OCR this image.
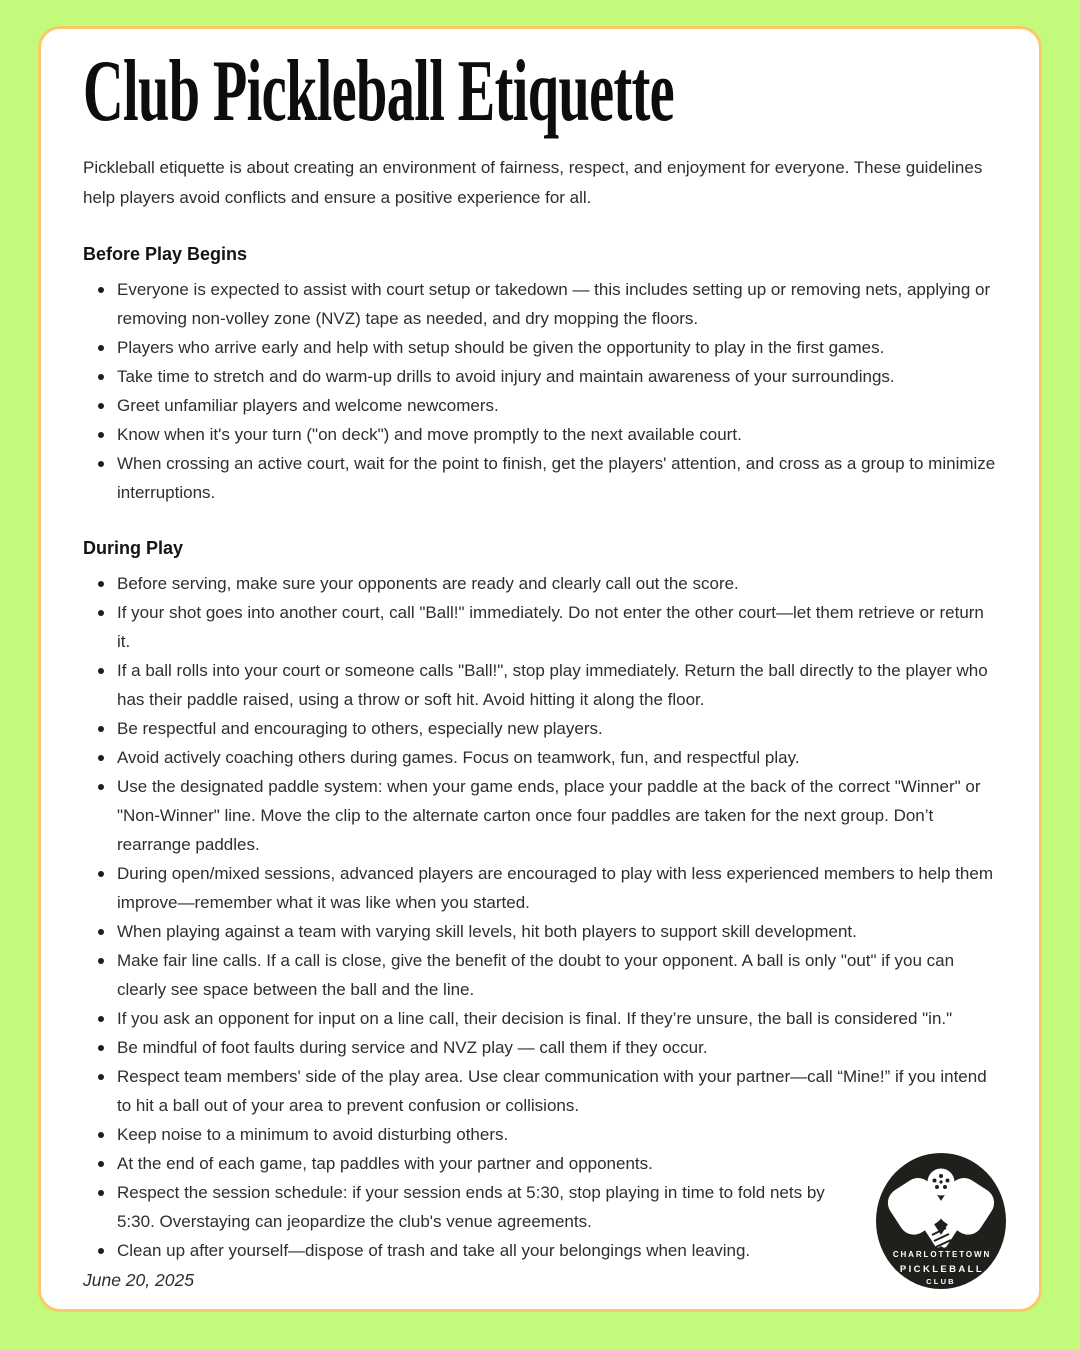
Club Pickleball Etiquette

Pickleball etiquette is about creating an environment of fairness, respect, and enjoyment for everyone. These guidelines help players avoid conflicts and ensure a positive experience for all.

Before Play Begins
Everyone is expected to assist with court setup or takedown — this includes setting up or removing nets, applying or removing non-volley zone (NVZ) tape as needed, and dry mopping the floors.
Players who arrive early and help with setup should be given the opportunity to play in the first games.
Take time to stretch and do warm-up drills to avoid injury and maintain awareness of your surroundings.
Greet unfamiliar players and welcome newcomers.
Know when it's your turn ("on deck") and move promptly to the next available court.
When crossing an active court, wait for the point to finish, get the players' attention, and cross as a group to minimize interruptions.
During Play
Before serving, make sure your opponents are ready and clearly call out the score.
If your shot goes into another court, call "Ball!" immediately. Do not enter the other court—let them retrieve or return it.
If a ball rolls into your court or someone calls "Ball!", stop play immediately. Return the ball directly to the player who has their paddle raised, using a throw or soft hit. Avoid hitting it along the floor.
Be respectful and encouraging to others, especially new players.
Avoid actively coaching others during games. Focus on teamwork, fun, and respectful play.
Use the designated paddle system: when your game ends, place your paddle at the back of the correct "Winner" or "Non-Winner" line. Move the clip to the alternate carton once four paddles are taken for the next group. Don’t rearrange paddles.
During open/mixed sessions, advanced players are encouraged to play with less experienced members to help them improve—remember what it was like when you started.
When playing against a team with varying skill levels, hit both players to support skill development.
Make fair line calls. If a call is close, give the benefit of the doubt to your opponent. A ball is only "out" if you can clearly see space between the ball and the line.
If you ask an opponent for input on a line call, their decision is final. If they’re unsure, the ball is considered "in."
Be mindful of foot faults during service and NVZ play — call them if they occur.
Respect team members' side of the play area. Use clear communication with your partner—call “Mine!” if you intend to hit a ball out of your area to prevent confusion or collisions.
Keep noise to a minimum to avoid disturbing others.
CHARLOTTETOWN
PICKLEBALL
CLUB
At the end of each game, tap paddles with your partner and opponents.
Respect the session schedule: if your session ends at 5:30, stop playing in time to fold nets by 5:30. Overstaying can jeopardize the club's venue agreements.
Clean up after yourself—dispose of trash and take all your belongings when leaving.

June 20, 2025
